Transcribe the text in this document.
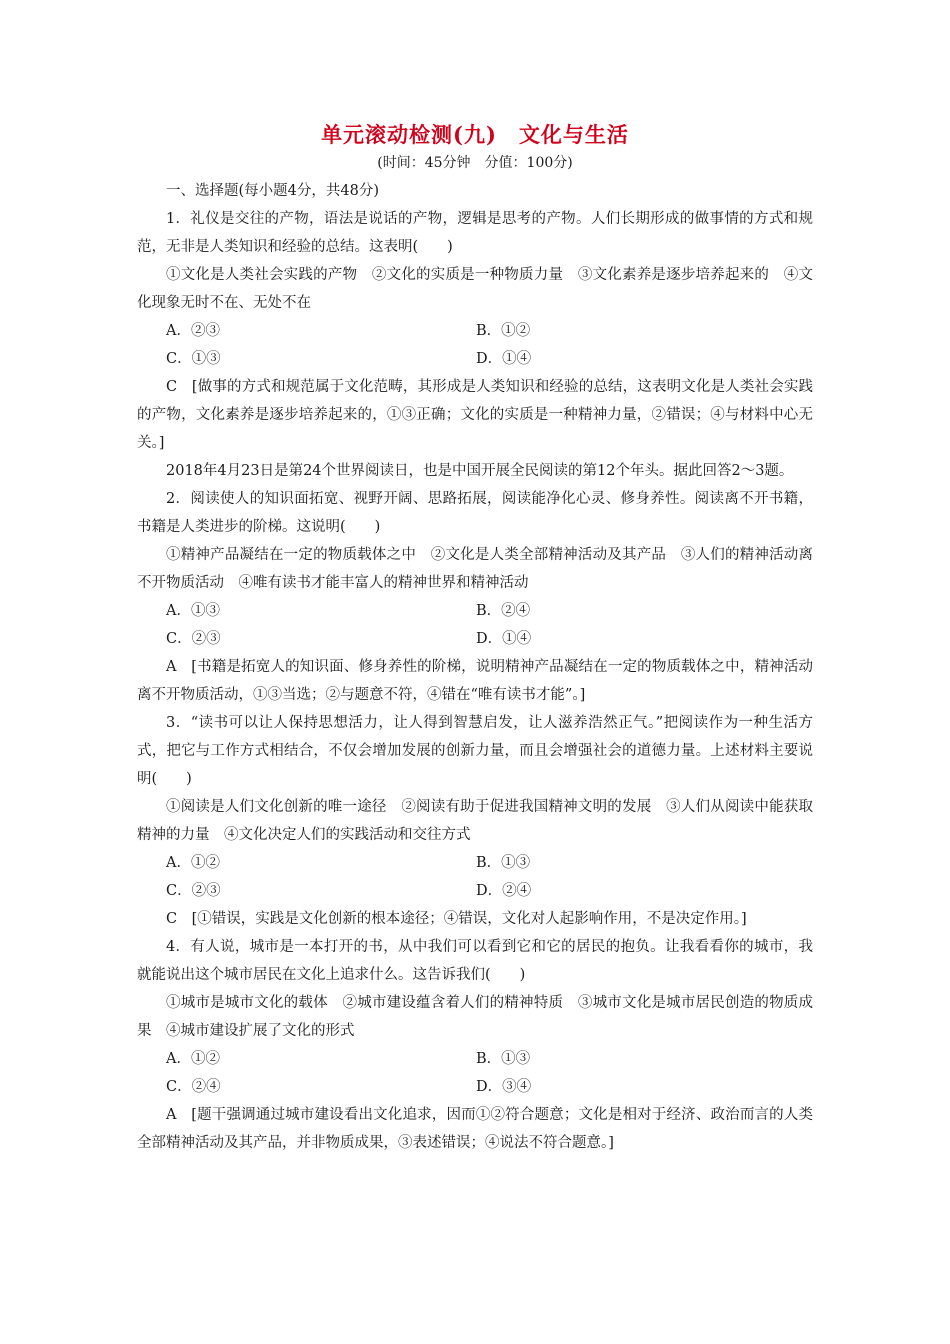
单元滚动检测(九)　文化与生活
(时间：45分钟　分值：100分)

一、选择题(每小题4分，共48分)

1．礼仪是交往的产物，语法是说话的产物，逻辑是思考的产物。人们长期形成的做事情的方式和规范，无非是人类知识和经验的总结。这表明(　　)

①文化是人类社会实践的产物　②文化的实质是一种物质力量　③文化素养是逐步培养起来的　④文化现象无时不在、无处不在

A．②③	B．①②
C．①③	D．①④

C　[做事的方式和规范属于文化范畴，其形成是人类知识和经验的总结，这表明文化是人类社会实践的产物，文化素养是逐步培养起来的，①③正确；文化的实质是一种精神力量，②错误；④与材料中心无关。]

2018年4月23日是第24个世界阅读日，也是中国开展全民阅读的第12个年头。据此回答2～3题。

2．阅读使人的知识面拓宽、视野开阔、思路拓展，阅读能净化心灵、修身养性。阅读离不开书籍，书籍是人类进步的阶梯。这说明(　　)

①精神产品凝结在一定的物质载体之中　②文化是人类全部精神活动及其产品　③人们的精神活动离不开物质活动　④唯有读书才能丰富人的精神世界和精神活动

A．①③	B．②④
C．②③	D．①④

A　[书籍是拓宽人的知识面、修身养性的阶梯，说明精神产品凝结在一定的物质载体之中，精神活动离不开物质活动，①③当选；②与题意不符，④错在“唯有读书才能”。]

3．“读书可以让人保持思想活力，让人得到智慧启发，让人滋养浩然正气。”把阅读作为一种生活方式，把它与工作方式相结合，不仅会增加发展的创新力量，而且会增强社会的道德力量。上述材料主要说明(　　)

①阅读是人们文化创新的唯一途径　②阅读有助于促进我国精神文明的发展　③人们从阅读中能获取精神的力量　④文化决定人们的实践活动和交往方式

A．①②	B．①③
C．②③	D．②④

C　[①错误，实践是文化创新的根本途径；④错误，文化对人起影响作用，不是决定作用。]

4．有人说，城市是一本打开的书，从中我们可以看到它和它的居民的抱负。让我看看你的城市，我就能说出这个城市居民在文化上追求什么。这告诉我们(　　)

①城市是城市文化的载体　②城市建设蕴含着人们的精神特质　③城市文化是城市居民创造的物质成果　④城市建设扩展了文化的形式

A．①②	B．①③
C．②④	D．③④

A　[题干强调通过城市建设看出文化追求，因而①②符合题意；文化是相对于经济、政治而言的人类全部精神活动及其产品，并非物质成果，③表述错误；④说法不符合题意。]
